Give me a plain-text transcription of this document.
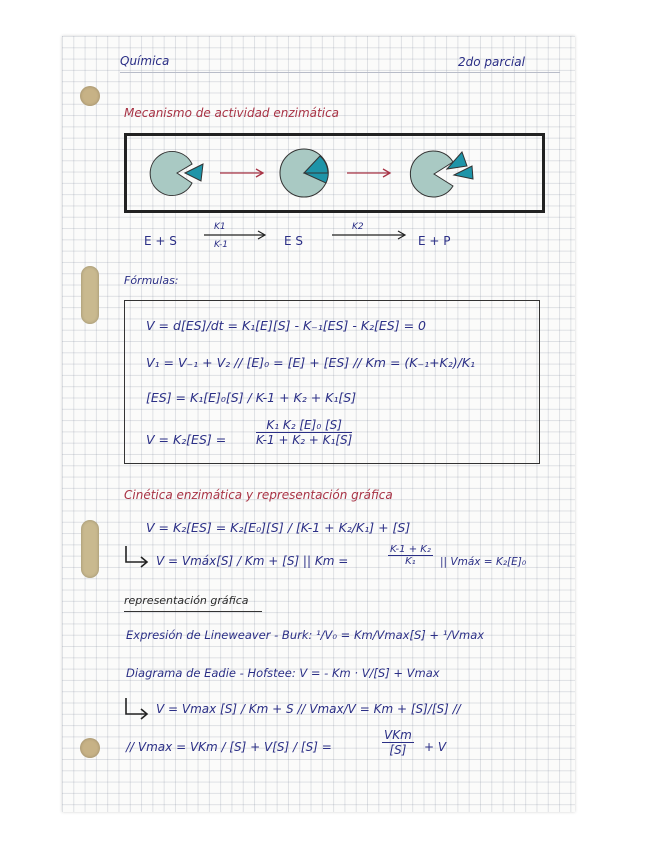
Química	2do parcial
Mecanismo de actividad enzimática
E + S
K1
K-1	E S
K2
E + P
Fórmulas:
V = d[ES]/dt = K₁[E][S] - K₋₁[ES] - K₂[ES] = 0
V₁ = V₋₁ + V₂ // [E]₀ = [E] + [ES] // Km = (K₋₁+K₂)/K₁
[ES] = K₁[E]₀[S] / K-1 + K₂ + K₁[S]
$V = K_2[ES] = \frac{\text{K₁ K₂ [E]₀ [S]}}{\text{K-1 + K₂ + K₁[S]}}$
Cinética enzimática y representación gráfica
V = K₂[ES] = K₂[E₀][S] / [K-1 + K₂/K₁] + [S]
V = Vmáx[S] / Km + [S] || Km =	$\frac{\text{K-1 + K₂}}{\text{K₁}}$ || Vmáx = K₂[E]₀
representación gráfica
Expresión de Lineweaver - Burk: ¹/V₀ = Km/Vmax[S] + ¹/Vmax
Diagrama de Eadie - Hofstee: V = - Km · V/[S] + Vmax
V = Vmax [S] / Km + S // Vmax/V = Km + [S]/[S] //
// Vmax = VKm / [S] + V[S] / [S] =
VKm
[S]	+ V
